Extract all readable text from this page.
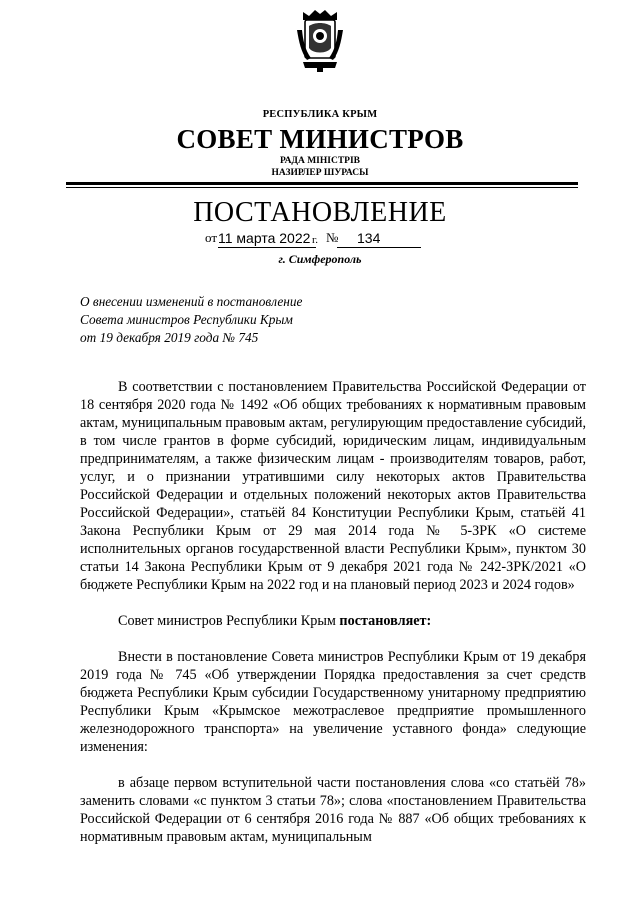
РЕСПУБЛИКА КРЫМ
СОВЕТ МИНИСТРОВ
РАДА МІНІСТРІВ
НАЗИРЛЕР ШУРАСЫ
ПОСТАНОВЛЕНИЕ
от 11 марта 2022 г. № 134
г. Симферополь
О внесении изменений в постановление
Совета министров Республики Крым
от 19 декабря 2019 года № 745

В соответствии с постановлением Правительства Российской Федерации от 18 сентября 2020 года № 1492 «Об общих требованиях к нормативным правовым актам, муниципальным правовым актам, регулирующим предоставление субсидий, в том числе грантов в форме субсидий, юридическим лицам, индивидуальным предпринимателям, а также физическим лицам - производителям товаров, работ, услуг, и о признании утратившими силу некоторых актов Правительства Российской Федерации и отдельных положений некоторых актов Правительства Российской Федерации», статьёй 84 Конституции Республики Крым, статьёй 41 Закона Республики Крым от 29 мая 2014 года № 5-ЗРК «О системе исполнительных органов государственной власти Республики Крым», пунктом 30 статьи 14 Закона Республики Крым от 9 декабря 2021 года № 242-ЗРК/2021 «О бюджете Республики Крым на 2022 год и на плановый период 2023 и 2024 годов»

Совет министров Республики Крым постановляет:

Внести в постановление Совета министров Республики Крым от 19 декабря 2019 года № 745 «Об утверждении Порядка предоставления за счет средств бюджета Республики Крым субсидии Государственному унитарному предприятию Республики Крым «Крымское межотраслевое предприятие промышленного железнодорожного транспорта» на увеличение уставного фонда» следующие изменения:

в абзаце первом вступительной части постановления слова «со статьёй 78» заменить словами «с пунктом 3 статьи 78»; слова «постановлением Правительства Российской Федерации от 6 сентября 2016 года № 887 «Об общих требованиях к нормативным правовым актам, муниципальным
